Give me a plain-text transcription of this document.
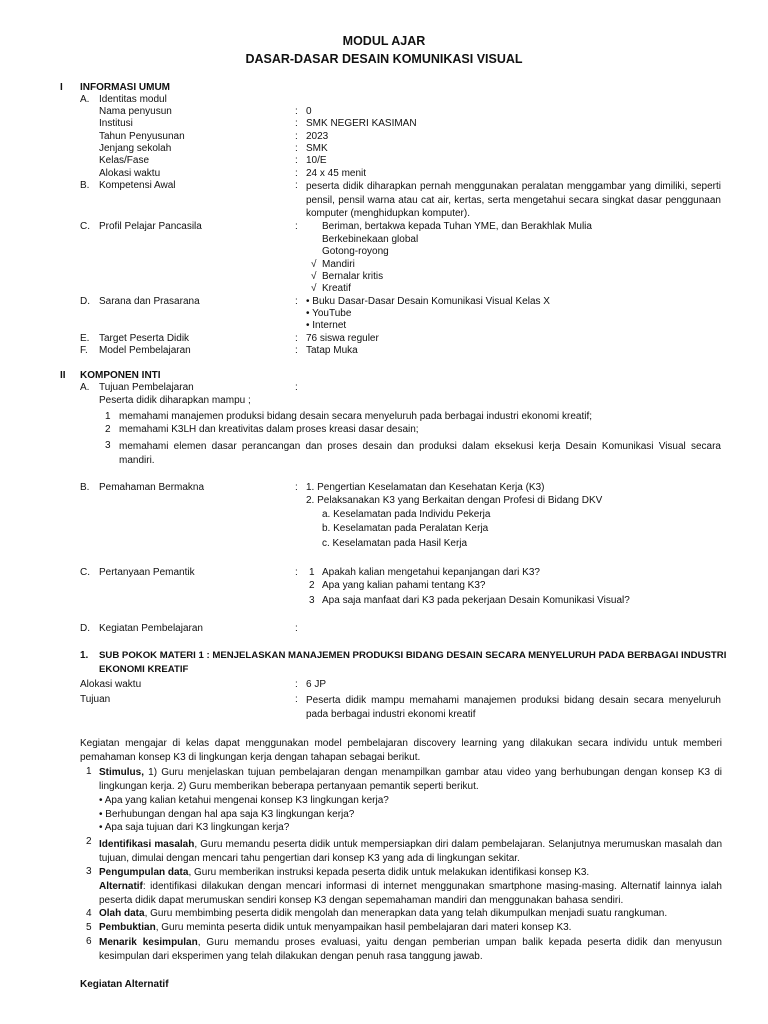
MODUL AJAR
DASAR-DASAR DESAIN KOMUNIKASI VISUAL
I INFORMASI UMUM
A. Identitas modul
Nama penyusun	: 0
Institusi	: SMK NEGERI KASIMAN
Tahun Penyusunan	: 2023
Jenjang sekolah	: SMK
Kelas/Fase	: 10/E
Alokasi waktu	: 24 x 45 menit
B. Kompetensi Awal	: peserta didik diharapkan pernah menggunakan peralatan menggambar yang dimiliki, seperti pensil, pensil warna atau cat air, kertas, serta mengetahui secara singkat dasar penggunaan komputer (menghidupkan komputer).
C. Profil Pelajar Pancasila	: Beriman, bertakwa kepada Tuhan YME, dan Berakhlak Mulia
Berkebinekaan global
Gotong-royong
√ Mandiri
√ Bernalar kritis
√ Kreatif
D. Sarana dan Prasarana	: • Buku Dasar-Dasar Desain Komunikasi Visual Kelas X
• YouTube
• Internet
E. Target Peserta Didik	: 76 siswa reguler
F. Model Pembelajaran	: Tatap Muka
II KOMPONEN INTI
A. Tujuan Pembelajaran	:
Peserta didik diharapkan mampu ;
1 memahami manajemen produksi bidang desain secara menyeluruh pada berbagai industri ekonomi kreatif;
2 memahami K3LH dan kreativitas dalam proses kreasi dasar desain;
3 memahami elemen dasar perancangan dan proses desain dan produksi dalam eksekusi kerja Desain Komunikasi Visual secara mandiri.
B. Pemahaman Bermakna	: 1. Pengertian Keselamatan dan Kesehatan Kerja (K3)
2. Pelaksanakan K3 yang Berkaitan dengan Profesi di Bidang DKV
a. Keselamatan pada Individu Pekerja
b. Keselamatan pada Peralatan Kerja
c. Keselamatan pada Hasil Kerja
C. Pertanyaan Pemantik	: 1 Apakah kalian mengetahui kepanjangan dari K3?
2 Apa yang kalian pahami tentang K3?
3 Apa saja manfaat dari K3 pada pekerjaan Desain Komunikasi Visual?
D. Kegiatan Pembelajaran	:
1. SUB POKOK MATERI 1 : MENJELASKAN MANAJEMEN PRODUKSI BIDANG DESAIN SECARA MENYELURUH PADA BERBAGAI INDUSTRI
EKONOMI KREATIF
Alokasi waktu	: 6 JP
Tujuan	: Peserta didik mampu memahami manajemen produksi bidang desain secara menyeluruh pada berbagai industri ekonomi kreatif
Kegiatan mengajar di kelas dapat menggunakan model pembelajaran discovery learning yang dilakukan secara individu untuk memberi pemahaman konsep K3 di lingkungan kerja dengan tahapan sebagai berikut.
1 Stimulus, 1) Guru menjelaskan tujuan pembelajaran dengan menampilkan gambar atau video yang berhubungan dengan konsep K3 di lingkungan kerja. 2) Guru memberikan beberapa pertanyaan pemantik seperti berikut.
• Apa yang kalian ketahui mengenai konsep K3 lingkungan kerja?
• Berhubungan dengan hal apa saja K3 lingkungan kerja?
• Apa saja tujuan dari K3 lingkungan kerja?
2 Identifikasi masalah, Guru memandu peserta didik untuk mempersiapkan diri dalam pembelajaran. Selanjutnya merumuskan masalah dan tujuan, dimulai dengan mencari tahu pengertian dari konsep K3 yang ada di lingkungan sekitar.
3 Pengumpulan data, Guru memberikan instruksi kepada peserta didik untuk melakukan identifikasi konsep K3.
Alternatif: identifikasi dilakukan dengan mencari informasi di internet menggunakan smartphone masing-masing. Alternatif lainnya ialah peserta didik dapat merumuskan sendiri konsep K3 dengan sepemahaman mandiri dan menggunakan bahasa sendiri.
4 Olah data, Guru membimbing peserta didik mengolah dan menerapkan data yang telah dikumpulkan menjadi suatu rangkuman.
5 Pembuktian, Guru meminta peserta didik untuk menyampaikan hasil pembelajaran dari materi konsep K3.
6 Menarik kesimpulan, Guru memandu proses evaluasi, yaitu dengan pemberian umpan balik kepada peserta didik dan menyusun kesimpulan dari eksperimen yang telah dilakukan dengan penuh rasa tanggung jawab.
Kegiatan Alternatif
